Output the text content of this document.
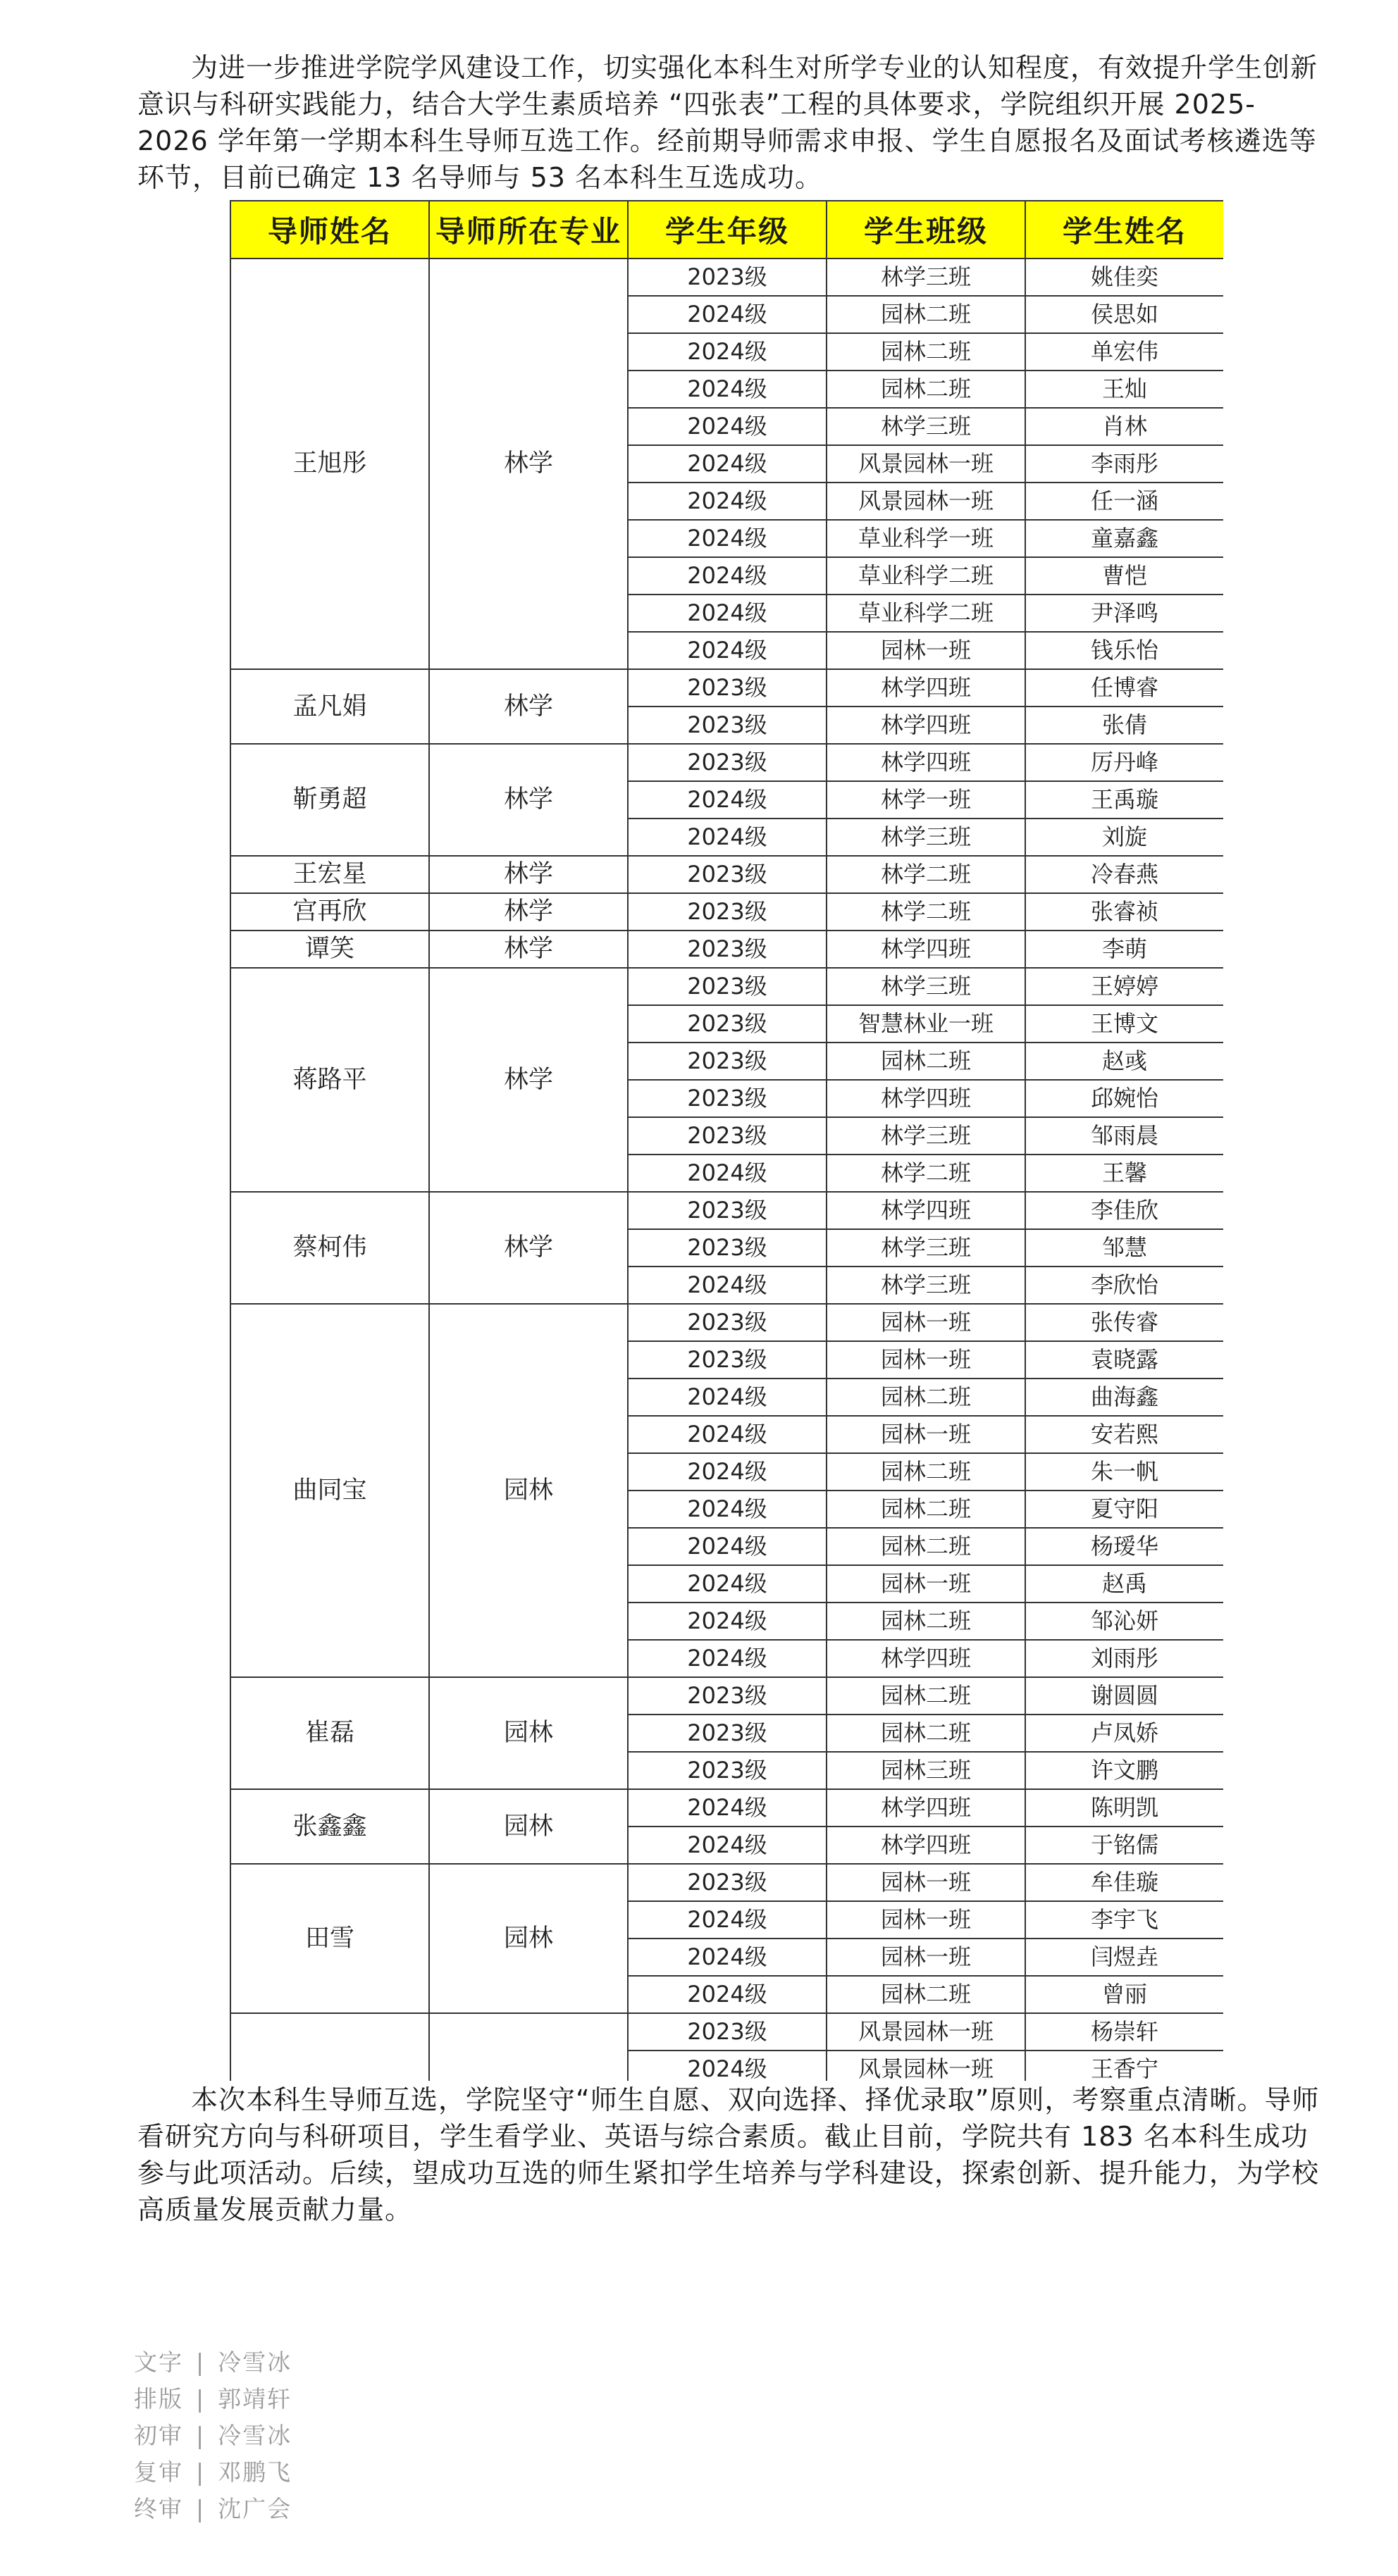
为进一步推进学院学风建设工作，切实强化本科生对所学专业的认知程度，有效提升学生创新意识与科研实践能力，结合大学生素质培养 “四张表”工程的具体要求，学院组织开展 2025-2026 学年第一学期本科生导师互选工作。经前期导师需求申报、学生自愿报名及面试考核遴选等环节，目前已确定 13 名导师与 53 名本科生互选成功。

导师姓名	导师所在专业	学生年级	学生班级	学生姓名
王旭彤	林学	2023级	林学三班	姚佳奕
		2024级	园林二班	侯思如
		2024级	园林二班	单宏伟
		2024级	园林二班	王灿
		2024级	林学三班	肖林
		2024级	风景园林一班	李雨彤
		2024级	风景园林一班	任一涵
		2024级	草业科学一班	童嘉鑫
		2024级	草业科学二班	曹恺
		2024级	草业科学二班	尹泽鸣
		2024级	园林一班	钱乐怡
孟凡娟	林学	2023级	林学四班	任博睿
		2023级	林学四班	张倩
靳勇超	林学	2023级	林学四班	厉丹峰
		2024级	林学一班	王禹璇
		2024级	林学三班	刘旋
王宏星	林学	2023级	林学二班	冷春燕
宫再欣	林学	2023级	林学二班	张睿祯
谭笑	林学	2023级	林学四班	李萌
蒋路平	林学	2023级	林学三班	王婷婷
		2023级	智慧林业一班	王博文
		2023级	园林二班	赵彧
		2023级	林学四班	邱婉怡
		2023级	林学三班	邹雨晨
		2024级	林学二班	王馨
蔡柯伟	林学	2023级	林学四班	李佳欣
		2023级	林学三班	邹慧
		2024级	林学三班	李欣怡
曲同宝	园林	2023级	园林一班	张传睿
		2023级	园林一班	袁晓露
		2024级	园林二班	曲海鑫
		2024级	园林一班	安若熙
		2024级	园林二班	朱一帆
		2024级	园林二班	夏守阳
		2024级	园林二班	杨瑷华
		2024级	园林一班	赵禹
		2024级	园林二班	邹沁妍
		2024级	林学四班	刘雨彤
崔磊	园林	2023级	园林二班	谢圆圆
		2023级	园林二班	卢凤娇
		2023级	园林三班	许文鹏
张鑫鑫	园林	2024级	林学四班	陈明凯
		2024级	林学四班	于铭儒
田雪	园林	2023级	园林一班	牟佳璇
		2024级	园林一班	李宇飞
		2024级	园林一班	闫煜垚
		2024级	园林二班	曾丽
		2023级	风景园林一班	杨崇轩
		2024级	风景园林一班	王香宁

本次本科生导师互选，学院坚守“师生自愿、双向选择、择优录取”原则，考察重点清晰。导师看研究方向与科研项目，学生看学业、英语与综合素质。截止目前，学院共有 183 名本科生成功参与此项活动。后续，望成功互选的师生紧扣学生培养与学科建设，探索创新、提升能力，为学校高质量发展贡献力量。

文字 | 冷雪冰
排版 | 郭靖轩
初审 | 冷雪冰
复审 | 邓鹏飞
终审 | 沈广会
